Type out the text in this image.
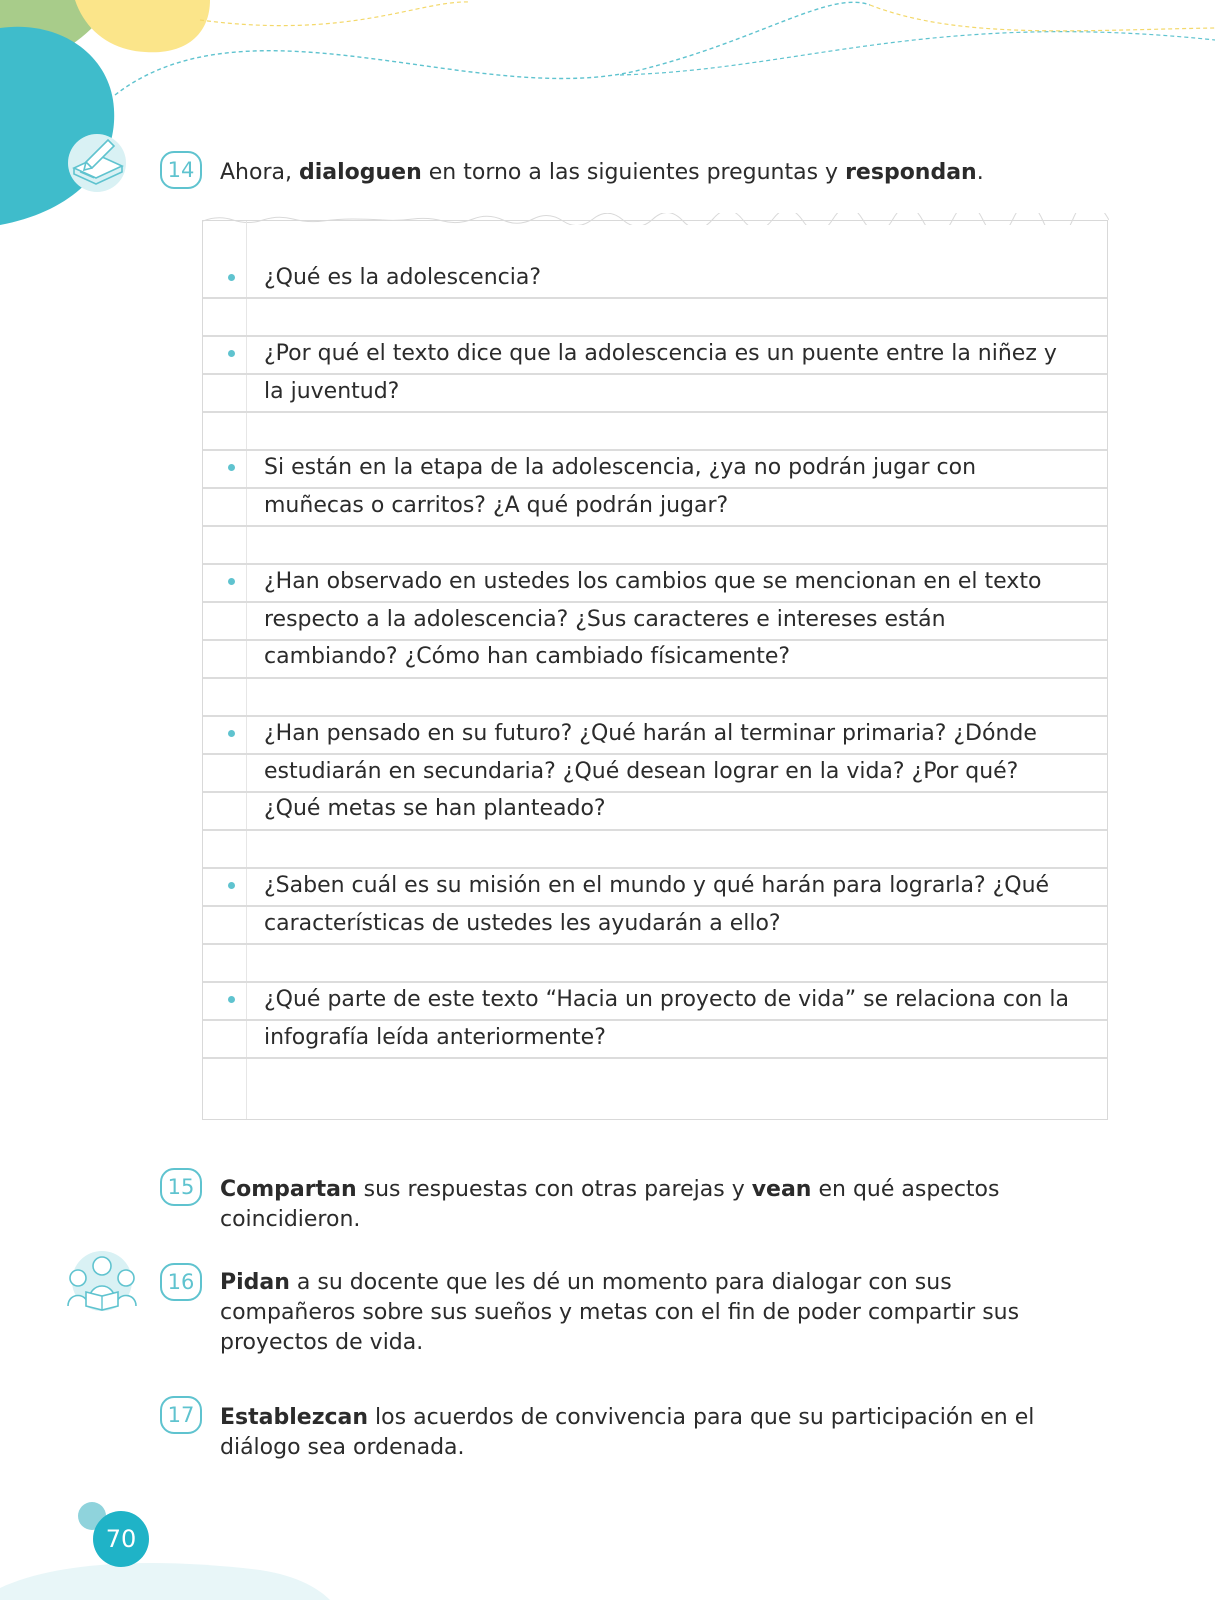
14	Ahora, dialoguen en torno a las siguientes preguntas y respondan.
¿Qué es la adolescencia?
¿Por qué el texto dice que la adolescencia es un puente entre la niñez y la juventud?
Si están en la etapa de la adolescencia, ¿ya no podrán jugar con muñecas o carritos? ¿A qué podrán jugar?
¿Han observado en ustedes los cambios que se mencionan en el texto respecto a la adolescencia? ¿Sus caracteres e intereses están cambiando? ¿Cómo han cambiado físicamente?
¿Han pensado en su futuro? ¿Qué harán al terminar primaria? ¿Dónde estudiarán en secundaria? ¿Qué desean lograr en la vida? ¿Por qué? ¿Qué metas se han planteado?
¿Saben cuál es su misión en el mundo y qué harán para lograrla? ¿Qué características de ustedes les ayudarán a ello?
¿Qué parte de este texto “Hacia un proyecto de vida” se relaciona con la infografía leída anteriormente?
15	Compartan sus respuestas con otras parejas y vean en qué aspectos coincidieron.
16	Pidan a su docente que les dé un momento para dialogar con sus compañeros sobre sus sueños y metas con el fin de poder compartir sus proyectos de vida.
17	Establezcan los acuerdos de convivencia para que su participación en el diálogo sea ordenada.
70
